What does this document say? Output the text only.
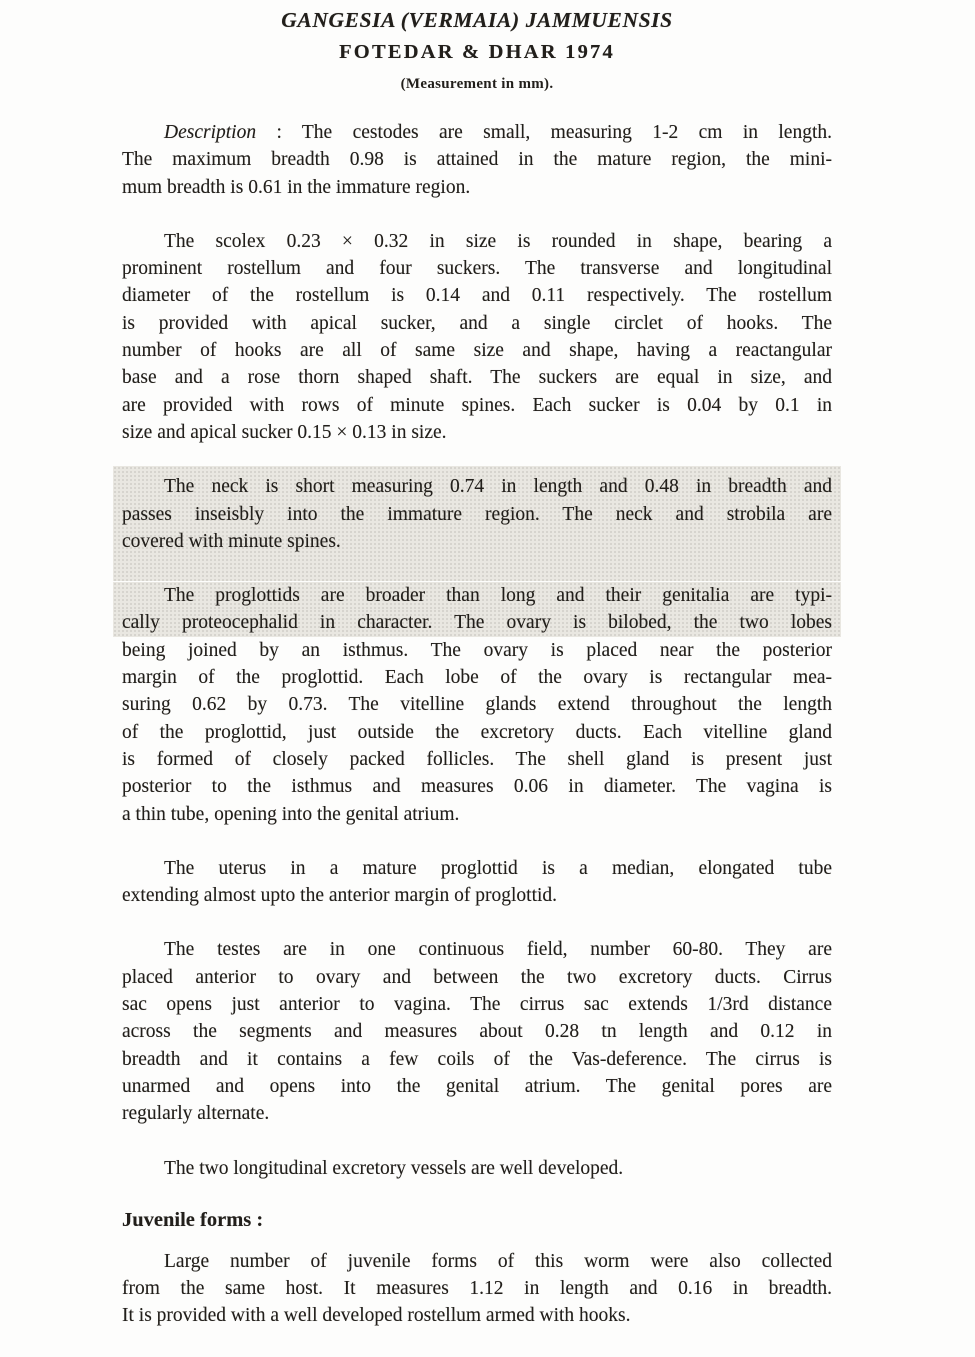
GANGESIA (VERMAIA) JAMMUENSIS
FOTEDAR & DHAR 1974
(Measurement in mm).

Description : The cestodes are small, measuring 1-2 cm in length.
The maximum breadth 0.98 is attained in the mature region, the mini-
mum breadth is 0.61 in the immature region.

The scolex 0.23 × 0.32 in size is rounded in shape, bearing a
prominent rostellum and four suckers. The transverse and longitudinal
diameter of the rostellum is 0.14 and 0.11 respectively. The rostellum
is provided with apical sucker, and a single circlet of hooks. The
number of hooks are all of same size and shape, having a reactangular
base and a rose thorn shaped shaft. The suckers are equal in size, and
are provided with rows of minute spines. Each sucker is 0.04 by 0.1 in
size and apical sucker 0.15 × 0.13 in size.

The neck is short measuring 0.74 in length and 0.48 in breadth and
passes inseisbly into the immature region. The neck and strobila are
covered with minute spines.

The proglottids are broader than long and their genitalia are typi-
cally proteocephalid in character. The ovary is bilobed, the two lobes
being joined by an isthmus. The ovary is placed near the posterior
margin of the proglottid. Each lobe of the ovary is rectangular mea-
suring 0.62 by 0.73. The vitelline glands extend throughout the length
of the proglottid, just outside the excretory ducts. Each vitelline gland
is formed of closely packed follicles. The shell gland is present just
posterior to the isthmus and measures 0.06 in diameter. The vagina is
a thin tube, opening into the genital atrium.

The uterus in a mature proglottid is a median, elongated tube
extending almost upto the anterior margin of proglottid.

The testes are in one continuous field, number 60-80. They are
placed anterior to ovary and between the two excretory ducts. Cirrus
sac opens just anterior to vagina. The cirrus sac extends 1/3rd distance
across the segments and measures about 0.28 tn length and 0.12 in
breadth and it contains a few coils of the Vas-deference. The cirrus is
unarmed and opens into the genital atrium. The genital pores are
regularly alternate.

The two longitudinal excretory vessels are well developed.

Juvenile forms :

Large number of juvenile forms of this worm were also collected
from the same host. It measures 1.12 in length and 0.16 in breadth.
It is provided with a well developed rostellum armed with hooks.
